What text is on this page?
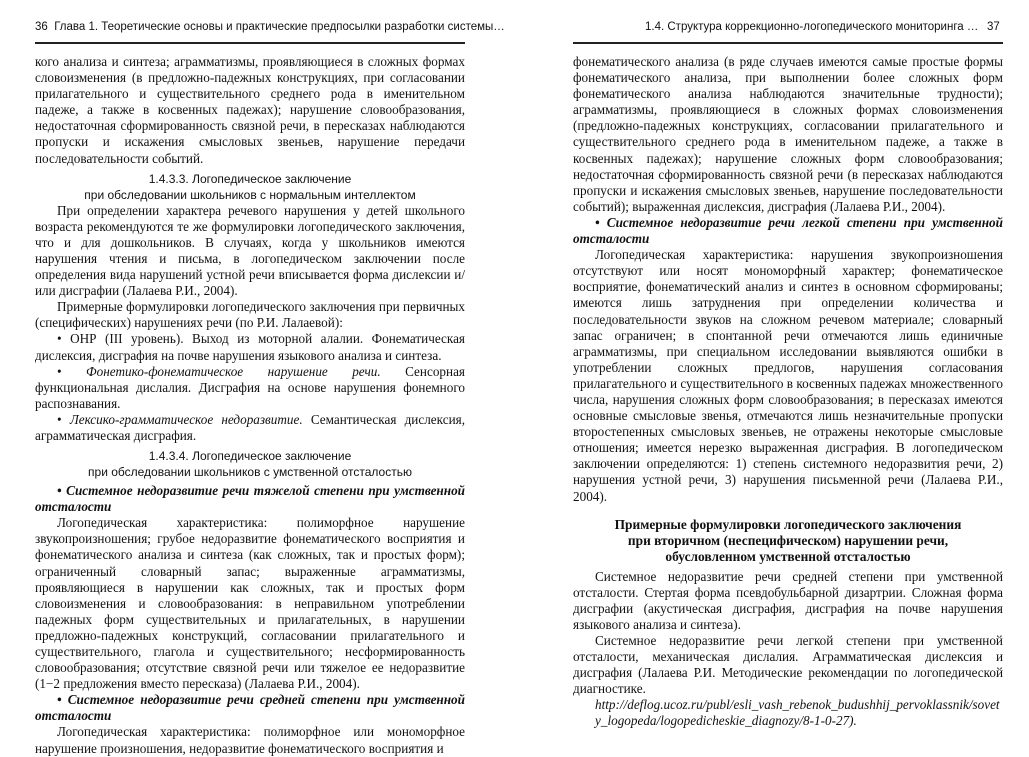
36 Глава 1. Теоретические основы и практические предпосылки разработки системы…

кого анализа и синтеза; аграмматизмы, проявляющиеся в сложных формах словоизменения (в предложно-падежных конструкциях, при согласовании прилагательного и существительного среднего рода в именительном падеже, а также в косвенных падежах); нарушение словообразования, недостаточная сформированность связной речи, в пересказах наблюдаются пропуски и искажения смысловых звеньев, нарушение передачи последовательности событий.

1.4.3.3. Логопедическое заключение
при обследовании школьников с нормальным интеллектом

При определении характера речевого нарушения у детей школьного возраста рекомендуются те же формулировки логопедического заключения, что и для дошкольников. В случаях, когда у школьников имеются нарушения чтения и письма, в логопедическом заключении после определения вида нарушений устной речи вписывается форма дислексии и/или дисграфии (Лалаева Р.И., 2004).

Примерные формулировки логопедического заключения при первичных (специфических) нарушениях речи (по Р.И. Лалаевой):

• ОНР (III уровень). Выход из моторной алалии. Фонематическая дислексия, дисграфия на почве нарушения языкового анализа и синтеза.

• Фонетико-фонематическое нарушение речи. Сенсорная функциональная дислалия. Дисграфия на основе нарушения фонемного распознавания.

• Лексико-грамматическое недоразвитие. Семантическая дислексия, аграмматическая дисграфия.

1.4.3.4. Логопедическое заключение
при обследовании школьников с умственной отсталостью

• Системное недоразвитие речи тяжелой степени при умственной отсталости

Логопедическая характеристика: полиморфное нарушение звукопроизношения; грубое недоразвитие фонематического восприятия и фонематического анализа и синтеза (как сложных, так и простых форм); ограниченный словарный запас; выраженные аграмматизмы, проявляющиеся в нарушении как сложных, так и простых форм словоизменения и словообразования: в неправильном употреблении падежных форм существительных и прилагательных, в нарушении предложно-падежных конструкций, согласовании прилагательного и существительного, глагола и существительного; несформированность словообразования; отсутствие связной речи или тяжелое ее недоразвитие (1−2 предложения вместо пересказа) (Лалаева Р.И., 2004).

• Системное недоразвитие речи средней степени при умственной отсталости

Логопедическая характеристика: полиморфное или мономорфное нарушение произношения, недоразвитие фонематического восприятия и

1.4. Структура коррекционно-логопедического мониторинга … 37

фонематического анализа (в ряде случаев имеются самые простые формы фонематического анализа, при выполнении более сложных форм фонематического анализа наблюдаются значительные трудности); аграмматизмы, проявляющиеся в сложных формах словоизменения (предложно-падежных конструкциях, согласовании прилагательного и существительного среднего рода в именительном падеже, а также в косвенных падежах); нарушение сложных форм словообразования; недостаточная сформированность связной речи (в пересказах наблюдаются пропуски и искажения смысловых звеньев, нарушение последовательности событий); выраженная дислексия, дисграфия (Лалаева Р.И., 2004).

• Системное недоразвитие речи легкой степени при умственной отсталости

Логопедическая характеристика: нарушения звукопроизношения отсутствуют или носят мономорфный характер; фонематическое восприятие, фонематический анализ и синтез в основном сформированы; имеются лишь затруднения при определении количества и последовательности звуков на сложном речевом материале; словарный запас ограничен; в спонтанной речи отмечаются лишь единичные аграмматизмы, при специальном исследовании выявляются ошибки в употреблении сложных предлогов, нарушения согласования прилагательного и существительного в косвенных падежах множественного числа, нарушения сложных форм словообразования; в пересказах имеются основные смысловые звенья, отмечаются лишь незначительные пропуски второстепенных смысловых звеньев, не отражены некоторые смысловые отношения; имеется нерезко выраженная дисграфия. В логопедическом заключении определяются: 1) степень системного недоразвития речи, 2) нарушения устной речи, 3) нарушения письменной речи (Лалаева Р.И., 2004).

Примерные формулировки логопедического заключения
при вторичном (неспецифическом) нарушении речи,
обусловленном умственной отсталостью

Системное недоразвитие речи средней степени при умственной отсталости. Стертая форма псевдобульбарной дизартрии. Сложная форма дисграфии (акустическая дисграфия, дисграфия на почве нарушения языкового анализа и синтеза).

Системное недоразвитие речи легкой степени при умственной отсталости, механическая дислалия. Аграмматическая дислексия и дисграфия (Лалаева Р.И. Методические рекомендации по логопедической диагностике.

http://deflog.ucoz.ru/publ/esli_vash_rebenok_budushhij_pervoklassnik/sovety_logopeda/logopedicheskie_diagnozy/8-1-0-27).
